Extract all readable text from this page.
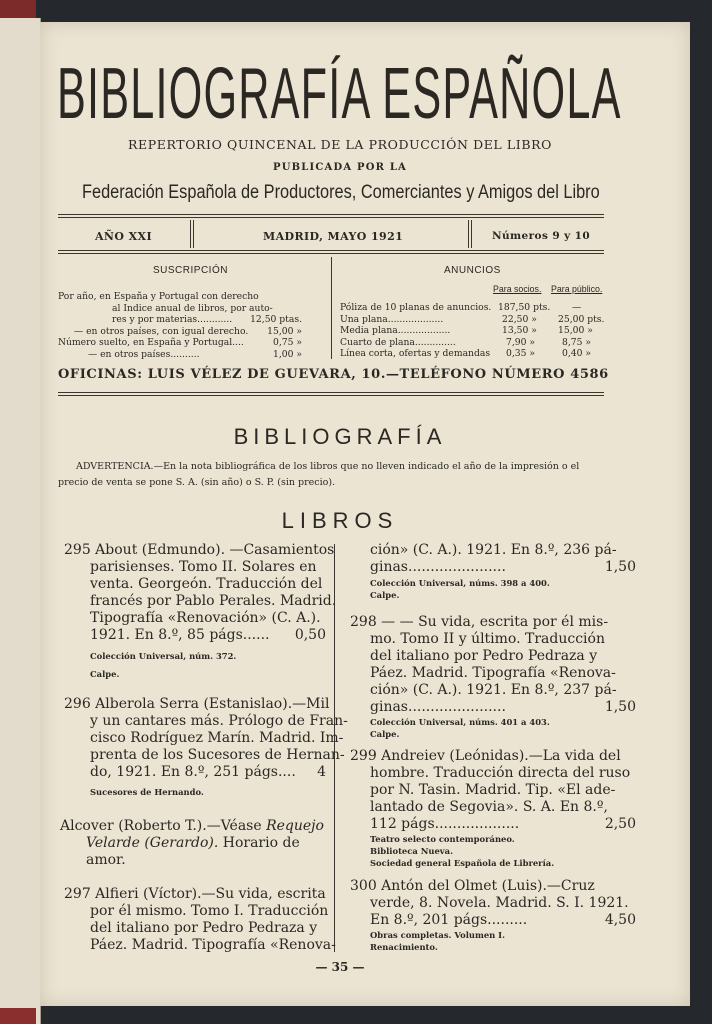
BIBLIOGRAFÍA ESPAÑOLA
REPERTORIO QUINCENAL DE LA PRODUCCIÓN DEL LIBRO
PUBLICADA POR LA
Federación Española de Productores, Comerciantes y Amigos del Libro
AÑO XXI	MADRID, MAYO 1921	Números 9 y 10
SUSCRIPCIÓN
Por año, en España y Portugal con derecho
al Indice anual de libros, por auto-
res y por materias............ 12,50 ptas.
— en otros países, con igual derecho. 15,00 »
Número suelto, en España y Portugal....	0,75 »
— en otros países..........	1,00 »
ANUNCIOS
Para socios. Para público.
Póliza de 10 planas de anuncios. 187,50 pts. —
Una plana...................	22,50 » 25,00 pts.
Media plana..................	13,50 » 15,00 »
Cuarto de plana..............	7,90 »	8,75 »
Línea corta, ofertas y demandas 0,35 »	0,40 »
OFICINAS: LUIS VÉLEZ DE GUEVARA, 10.—TELÉFONO NÚMERO 4586
BIBLIOGRAFÍA
ADVERTENCIA.—En la nota bibliográfica de los libros que no lleven indicado el año de la impresión o el precio de venta se pone S. A. (sin año) o S. P. (sin precio).
LIBROS
295 About (Edmundo). —Casamientos
parisienses. Tomo II. Solares en
venta. Georgeón. Traducción del
francés por Pablo Perales. Madrid.
Tipografía «Renovación» (C. A.).
1921. En 8.º, 85 págs...... 0,50
Colección Universal, núm. 372.
Calpe.
296 Alberola Serra (Estanislao).—Mil
y un cantares más. Prólogo de Fran-
cisco Rodríguez Marín. Madrid. Im-
prenta de los Sucesores de Hernan-
do, 1921. En 8.º, 251 págs.... 4
Sucesores de Hernando.
Alcover (Roberto T.).—Véase Requejo
Velarde (Gerardo). Horario de
amor.
297 Alfieri (Víctor).—Su vida, escrita
por él mismo. Tomo I. Traducción
del italiano por Pedro Pedraza y
Páez. Madrid. Tipografía «Renova-
ción» (C. A.). 1921. En 8.º, 236 pá-
ginas......................	1,50
Colección Universal, núms. 398 a 400.
Calpe.
298 — — Su vida, escrita por él mis-
mo. Tomo II y último. Traducción
del italiano por Pedro Pedraza y
Páez. Madrid. Tipografía «Renova-
ción» (C. A.). 1921. En 8.º, 237 pá-
ginas......................	1,50
Colección Universal, núms. 401 a 403.
Calpe.
299 Andreiev (Leónidas).—La vida del
hombre. Traducción directa del ruso
por N. Tasin. Madrid. Tip. «El ade-
lantado de Segovia». S. A. En 8.º,
112 págs...................	2,50
Teatro selecto contemporáneo.
Biblioteca Nueva.
Sociedad general Española de Librería.
300 Antón del Olmet (Luis).—Cruz
verde, 8. Novela. Madrid. S. I. 1921.
En 8.º, 201 págs.........	4,50
Obras completas. Volumen I.
Renacimiento.
— 35 —
